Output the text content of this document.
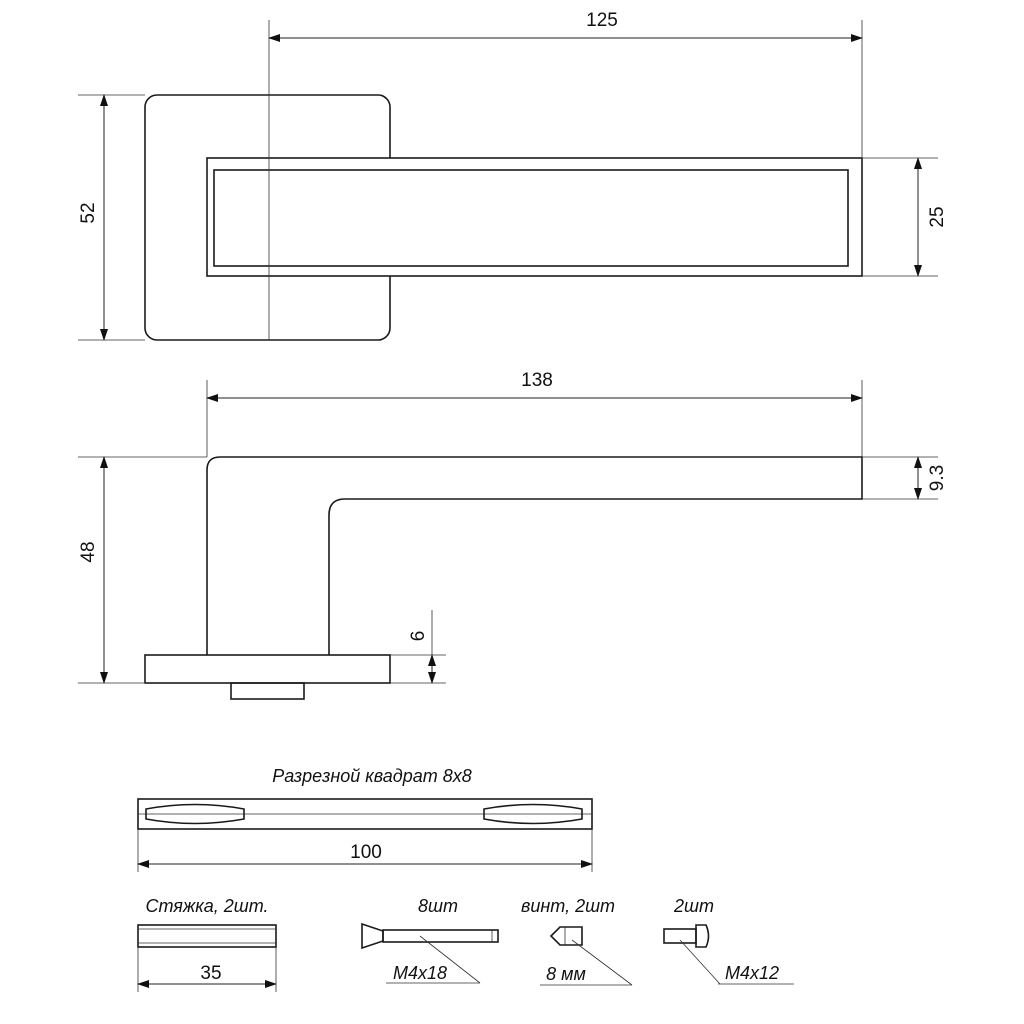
125
52	25
138
48
9.3
6
Разрезной квадрат 8x8
100
Стяжка, 2шт.
35
8шт
M4x18
винт, 2шт
8 мм
2шт
M4x12
